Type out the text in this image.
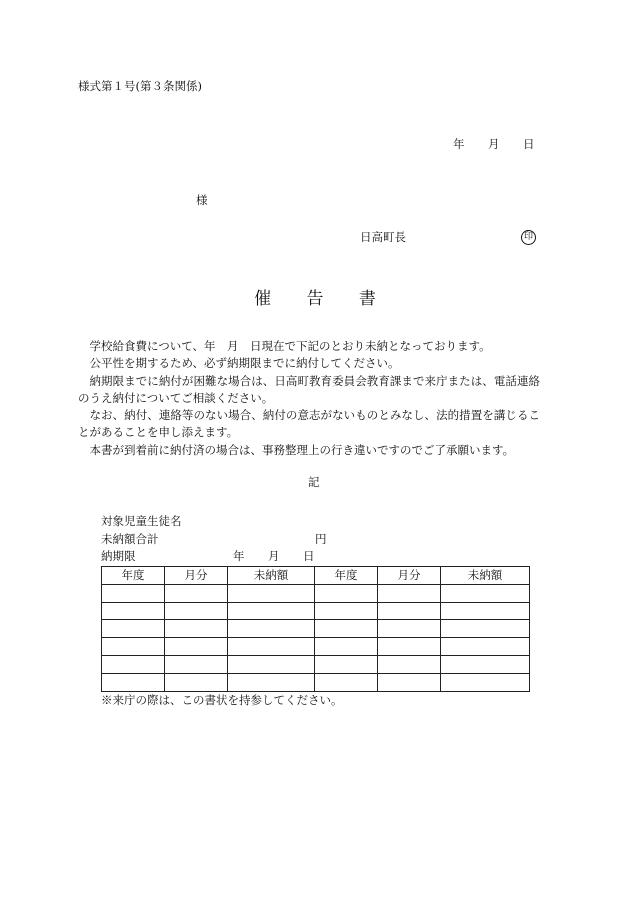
様式第１号(第３条関係)
年 月 日
様
日高町長	印
催 告 書

学校給食費について、年　月　日現在で下記のとおり未納となっております。

公平性を期するため、必ず納期限までに納付してください。

納期限までに納付が困難な場合は、日高町教育委員会教育課まで来庁または、電話連絡のうえ納付についてご相談ください。

なお、納付、連絡等のない場合、納付の意志がないものとみなし、法的措置を講じることがあることを申し添えます。

本書が到着前に納付済の場合は、事務整理上の行き違いですのでご了承願います。

記
対象児童生徒名
未納額合計	円
納期限	年 月 日
年度	月分	未納額	年度	月分	未納額

※来庁の際は、この書状を持参してください。
